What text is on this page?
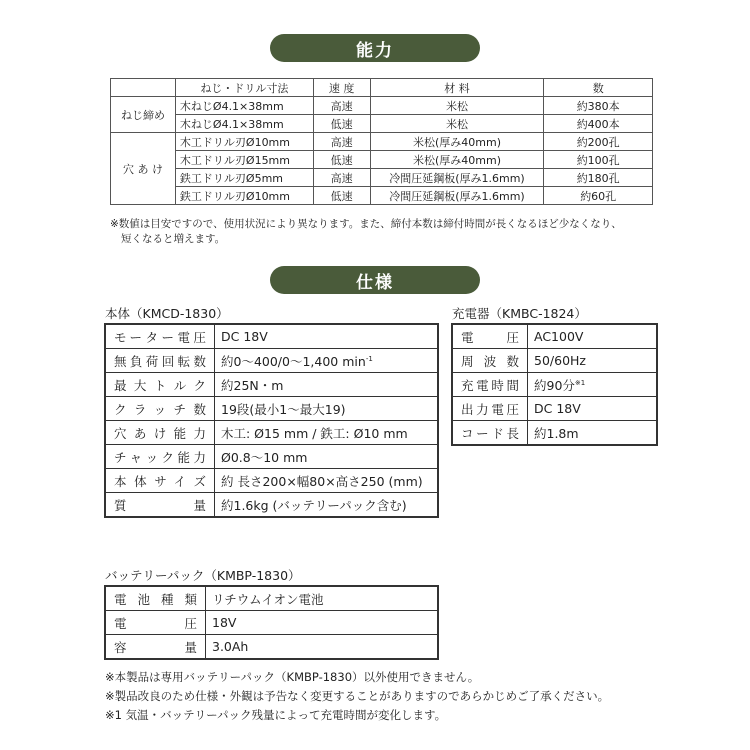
能力
	ねじ・ドリル寸法	速 度	材 料	数
ねじ締め	木ねじØ4.1×38mm	高速	米松	約380本
	木ねじØ4.1×38mm	低速	米松	約400本
穴 あ け	木工ドリル刃Ø10mm	高速	米松(厚み40mm)	約200孔
	木工ドリル刃Ø15mm	低速	米松(厚み40mm)	約100孔
	鉄工ドリル刃Ø5mm	高速	冷間圧延鋼板(厚み1.6mm)	約180孔
	鉄工ドリル刃Ø10mm	低速	冷間圧延鋼板(厚み1.6mm)	約60孔
※数値は目安ですので、使用状況により異なります。また、締付本数は締付時間が長くなるほど少なくなり、
短くなると増えます。
仕様
本体（KMCD-1830）
モーター電圧	DC 18V
無負荷回転数	約0～400/0～1,400 $\min^{-1}$
最大トルク	約25N・m
クラッチ数	19段(最小1～最大19)
穴あけ能力	木工: Ø15 mm / 鉄工: Ø10 mm
チャック能力	Ø0.8～10 mm
本体サイズ	約 長さ200×幅80×高さ250 (mm)
質量	約1.6kg (バッテリーパック含む)
充電器（KMBC-1824）
電圧	AC100V
周波数	50/60Hz
充電時間	約90分$^{※1}$
出力電圧	DC 18V
コード長	約1.8m
バッテリーパック（KMBP-1830）
電池種類	リチウムイオン電池
電圧	18V
容量	3.0Ah
※本製品は専用バッテリーパック（KMBP-1830）以外使用できません。
※製品改良のため仕様・外観は予告なく変更することがありますのであらかじめご了承ください。
※1 気温・バッテリーパック残量によって充電時間が変化します。
